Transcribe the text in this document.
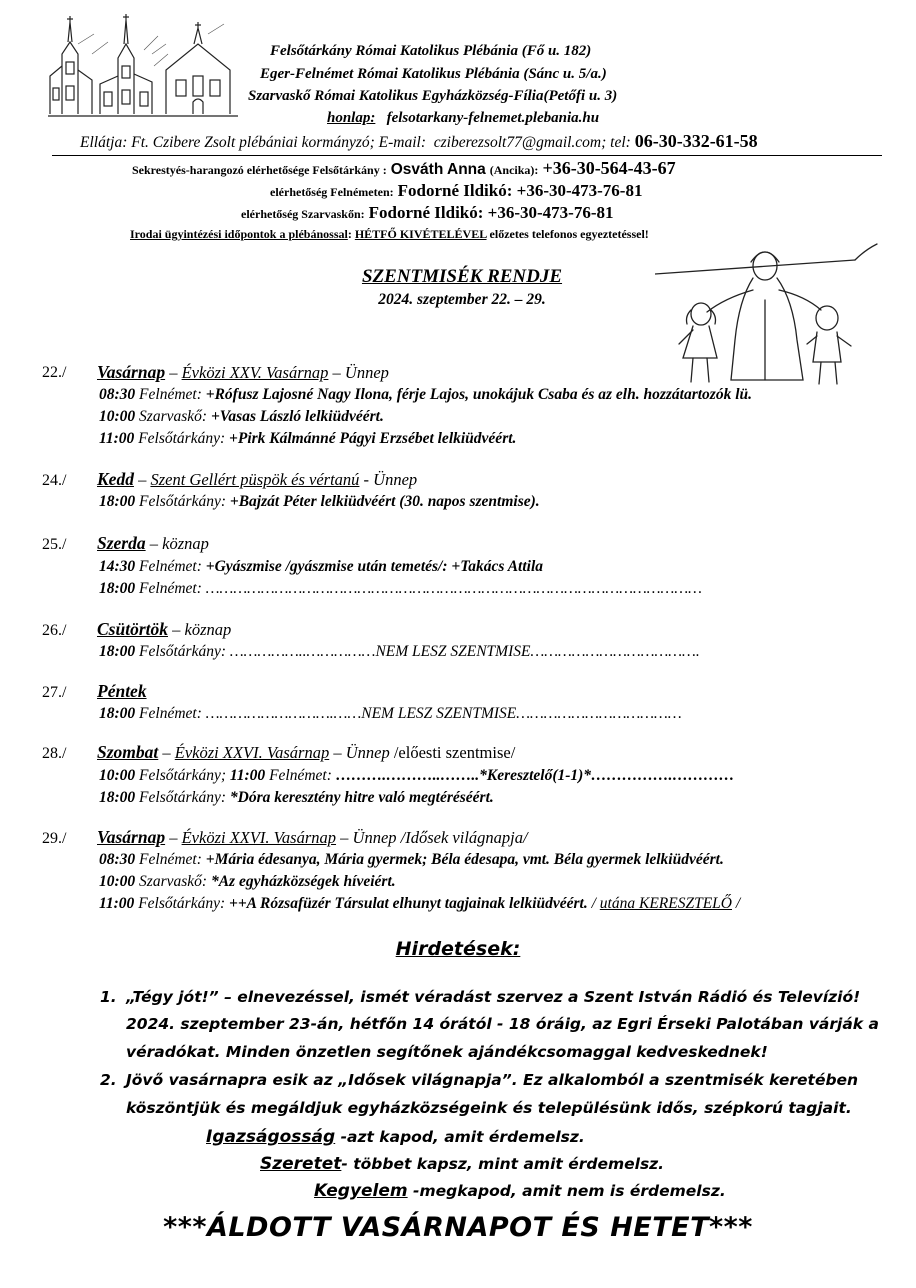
Felsőtárkány Római Katolikus Plébánia (Fő u. 182)
Eger-Felnémet Római Katolikus Plébánia (Sánc u. 5/a.)
Szarvaskő Római Katolikus Egyházközség-Fília(Petőfi u. 3)
honlap: felsotarkany-felnemet.plebania.hu
Ellátja: Ft. Czibere Zsolt plébániai kormányzó; E-mail: cziberezsolt77@gmail.com; tel: 06-30-332-61-58
Sekrestyés-harangozó elérhetősége Felsőtárkány : Osváth Anna (Ancika): +36-30-564-43-67
elérhetőség Felnémeten: Fodorné Ildikó: +36-30-473-76-81
elérhetőség Szarvaskőn: Fodorné Ildikó: +36-30-473-76-81
Irodai ügyintézési időpontok a plébánossal: HÉTFŐ KIVÉTELÉVEL előzetes telefonos egyeztetéssel!
SZENTMISÉK RENDJE
2024. szeptember 22. – 29.
22./ Vasárnap – Évközi XXV. Vasárnap – Ünnep
08:30 Felnémet: +Rófusz Lajosné Nagy Ilona, férje Lajos, unokájuk Csaba és az elh. hozzátartozók lü.
10:00 Szarvaskő: +Vasas László lelkiüdvéért.
11:00 Felsőtárkány: +Pirk Kálmánné Págyi Erzsébet lelkiüdvéért.
24./ Kedd – Szent Gellért püspök és vértanú - Ünnep
18:00 Felsőtárkány: +Bajzát Péter lelkiüdvéért (30. napos szentmise).
25./ Szerda – köznap
14:30 Felnémet: +Gyászmise /gyászmise után temetés/: +Takács Attila
18:00 Felnémet: ………………………………………………………………………………………………
26./ Csütörtök – köznap
18:00 Felsőtárkány: ……………..……………NEM LESZ SZENTMISE……………………………….
27./ Péntek
18:00 Felnémet: ……………………….……NEM LESZ SZENTMISE………………………………
28./ Szombat – Évközi XXVI. Vasárnap – Ünnep /előesti szentmise/
10:00 Felsőtárkány; 11:00 Felnémet: ……….………..……..*Keresztelő(1-1)*…………….…………
18:00 Felsőtárkány: *Dóra keresztény hitre való megtéréséért.
29./ Vasárnap – Évközi XXVI. Vasárnap – Ünnep /Idősek világnapja/
08:30 Felnémet: +Mária édesanya, Mária gyermek; Béla édesapa, vmt. Béla gyermek lelkiüdvéért.
10:00 Szarvaskő: *Az egyházközségek híveiért.
11:00 Felsőtárkány: ++A Rózsafüzér Társulat elhunyt tagjainak lelkiüdvéért. / utána KERESZTELŐ /
Hirdetések:
1. „Tégy jót!” – elnevezéssel, ismét véradást szervez a Szent István Rádió és Televízió!
2024. szeptember 23-án, hétfőn 14 órától - 18 óráig, az Egri Érseki Palotában várják a
véradókat. Minden önzetlen segítőnek ajándékcsomaggal kedveskednek!
2. Jövő vasárnapra esik az „Idősek világnapja”. Ez alkalomból a szentmisék keretében
köszöntjük és megáldjuk egyházközségeink és településünk idős, szépkorú tagjait.
Igazságosság -azt kapod, amit érdemelsz.
Szeretet- többet kapsz, mint amit érdemelsz.
Kegyelem -megkapod, amit nem is érdemelsz.
***ÁLDOTT VASÁRNAPOT ÉS HETET***
